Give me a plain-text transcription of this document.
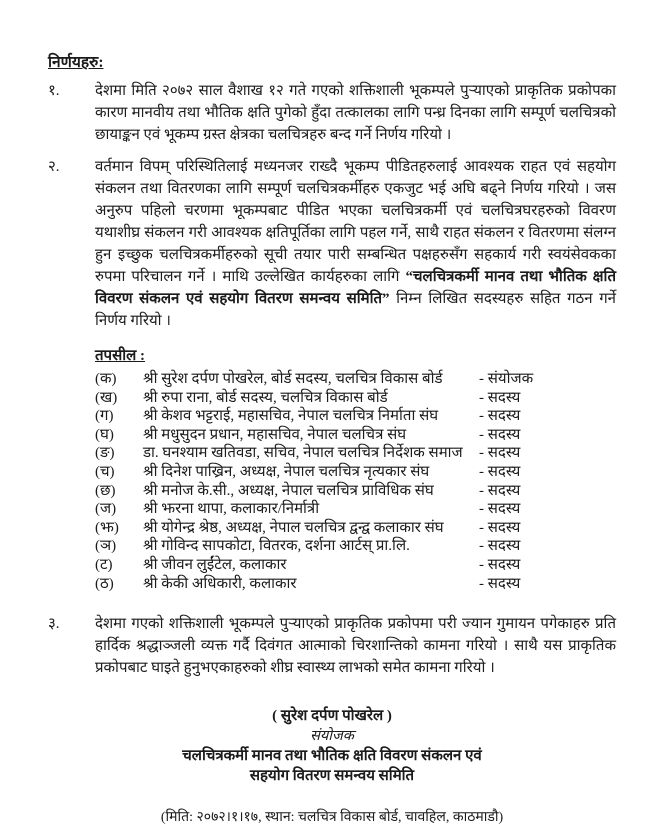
निर्णयहरु:
१.	देशमा मिति २०७२ साल वैशाख १२ गते गएको शक्तिशाली भूकम्पले पुऱ्याएको प्राकृतिक प्रकोपका कारण मानवीय तथा भौतिक क्षति पुगेको हुँदा तत्कालका लागि पन्ध्र दिनका लागि सम्पूर्ण चलचित्रको छायाङ्कन एवं भूकम्प ग्रस्त क्षेत्रका चलचित्रहरु बन्द गर्ने निर्णय गरियो ।
२.	वर्तमान विपम् परिस्थितिलाई मध्यनजर राख्दै भूकम्प पीडितहरुलाई आवश्यक राहत एवं सहयोग संकलन तथा वितरणका लागि सम्पूर्ण चलचित्रकर्मीहरु एकजुट भई अघि बढ्ने निर्णय गरियो । जस अनुरुप पहिलो चरणमा भूकम्पबाट पीडित भएका चलचित्रकर्मी एवं चलचित्रघरहरुको विवरण यथाशीघ्र संकलन गरी आवश्यक क्षतिपूर्तिका लागि पहल गर्ने, साथै राहत संकलन र वितरणमा संलग्न हुन इच्छुक चलचित्रकर्मीहरुको सूची तयार पारी सम्बन्धित पक्षहरुसँग सहकार्य गरी स्वयंसेवकका रुपमा परिचालन गर्ने । माथि उल्लेखित कार्यहरुका लागि “चलचित्रकर्मी मानव तथा भौतिक क्षति विवरण संकलन एवं सहयोग वितरण समन्वय समिति” निम्न लिखित सदस्यहरु सहित गठन गर्ने निर्णय गरियो ।
तपसील :
(क)	श्री सुरेश दर्पण पोखरेल, बोर्ड सदस्य, चलचित्र विकास बोर्ड	- संयोजक
(ख)	श्री रुपा राना, बोर्ड सदस्य, चलचित्र विकास बोर्ड	- सदस्य
(ग)	श्री केशव भट्टराई, महासचिव, नेपाल चलचित्र निर्माता संघ	- सदस्य
(घ)	श्री मधुसुदन प्रधान, महासचिव, नेपाल चलचित्र संघ	- सदस्य
(ङ)	डा. घनश्याम खतिवडा, सचिव, नेपाल चलचित्र निर्देशक समाज	- सदस्य
(च)	श्री दिनेश पाख्रिन, अध्यक्ष, नेपाल चलचित्र नृत्यकार संघ	- सदस्य
(छ)	श्री मनोज के.सी., अध्यक्ष, नेपाल चलचित्र प्राविधिक संघ	- सदस्य
(ज)	श्री झरना थापा, कलाकार/निर्मात्री	- सदस्य
(झ)	श्री योगेन्द्र श्रेष्ठ, अध्यक्ष, नेपाल चलचित्र द्वन्द्व कलाकार संघ	- सदस्य
(ञ)	श्री गोविन्द सापकोटा, वितरक, दर्शना आर्टस् प्रा.लि.	- सदस्य
(ट)	श्री जीवन लुईंटेल, कलाकार	- सदस्य
(ठ)	श्री केकी अधिकारी, कलाकार	- सदस्य
३.	देशमा गएको शक्तिशाली भूकम्पले पुऱ्याएको प्राकृतिक प्रकोपमा परी ज्यान गुमायन पगेकाहरु प्रति हार्दिक श्रद्धाञ्जली व्यक्त गर्दै दिवंगत आत्माको चिरशान्तिको कामना गरियो । साथै यस प्राकृतिक प्रकोपबाट घाइते हुनुभएकाहरुको शीघ्र स्वास्थ्य लाभको समेत कामना गरियो ।
( सुरेश दर्पण पोखरेल )
संयोजक
चलचित्रकर्मी मानव तथा भौतिक क्षति विवरण संकलन एवं
सहयोग वितरण समन्वय समिति
(मिति: २०७२।१।१७, स्थान: चलचित्र विकास बोर्ड, चावहिल, काठमाडौ)
